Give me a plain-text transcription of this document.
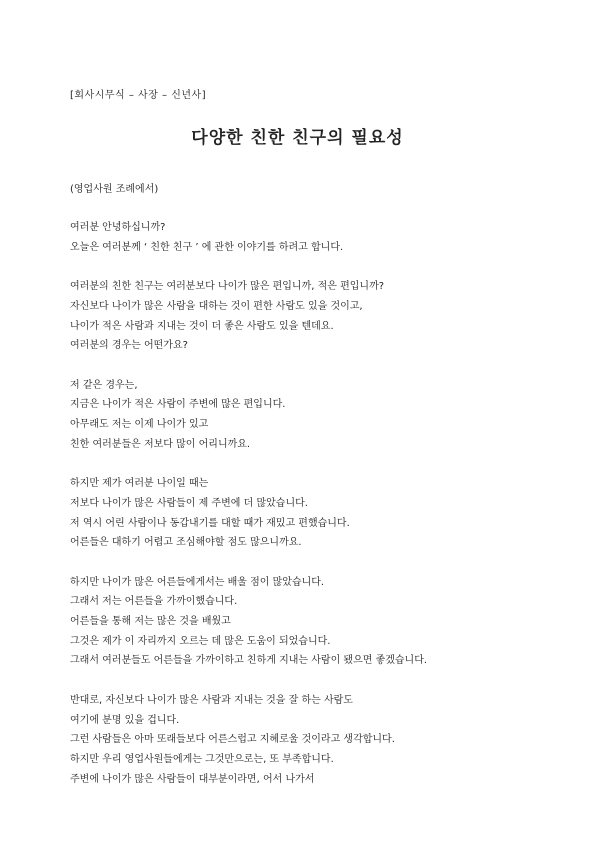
[회사시무식 – 사장 – 신년사]
다양한 친한 친구의 필요성
(영업사원 조례에서)
여러분 안녕하십니까?
오늘은 여러분께 ‘ 친한 친구 ’ 에 관한 이야기를 하려고 합니다.
여러분의 친한 친구는 여러분보다 나이가 많은 편입니까, 적은 편입니까?
자신보다 나이가 많은 사람을 대하는 것이 편한 사람도 있을 것이고,
나이가 적은 사람과 지내는 것이 더 좋은 사람도 있을 텐데요.
여러분의 경우는 어떤가요?
저 같은 경우는,
지금은 나이가 적은 사람이 주변에 많은 편입니다.
아무래도 저는 이제 나이가 있고
친한 여러분들은 저보다 많이 어리니까요.
하지만 제가 여러분 나이일 때는
저보다 나이가 많은 사람들이 제 주변에 더 많았습니다.
저 역시 어린 사람이나 동갑내기를 대할 때가 재밌고 편했습니다.
어른들은 대하기 어렵고 조심해야할 점도 많으니까요.
하지만 나이가 많은 어른들에게서는 배울 점이 많았습니다.
그래서 저는 어른들을 가까이했습니다.
어른들을 통해 저는 많은 것을 배웠고
그것은 제가 이 자리까지 오르는 데 많은 도움이 되었습니다.
그래서 여러분들도 어른들을 가까이하고 친하게 지내는 사람이 됐으면 좋겠습니다.
반대로, 자신보다 나이가 많은 사람과 지내는 것을 잘 하는 사람도
여기에 분명 있을 겁니다.
그런 사람들은 아마 또래들보다 어른스럽고 지혜로울 것이라고 생각합니다.
하지만 우리 영업사원들에게는 그것만으로는, 또 부족합니다.
주변에 나이가 많은 사람들이 대부분이라면, 어서 나가서
